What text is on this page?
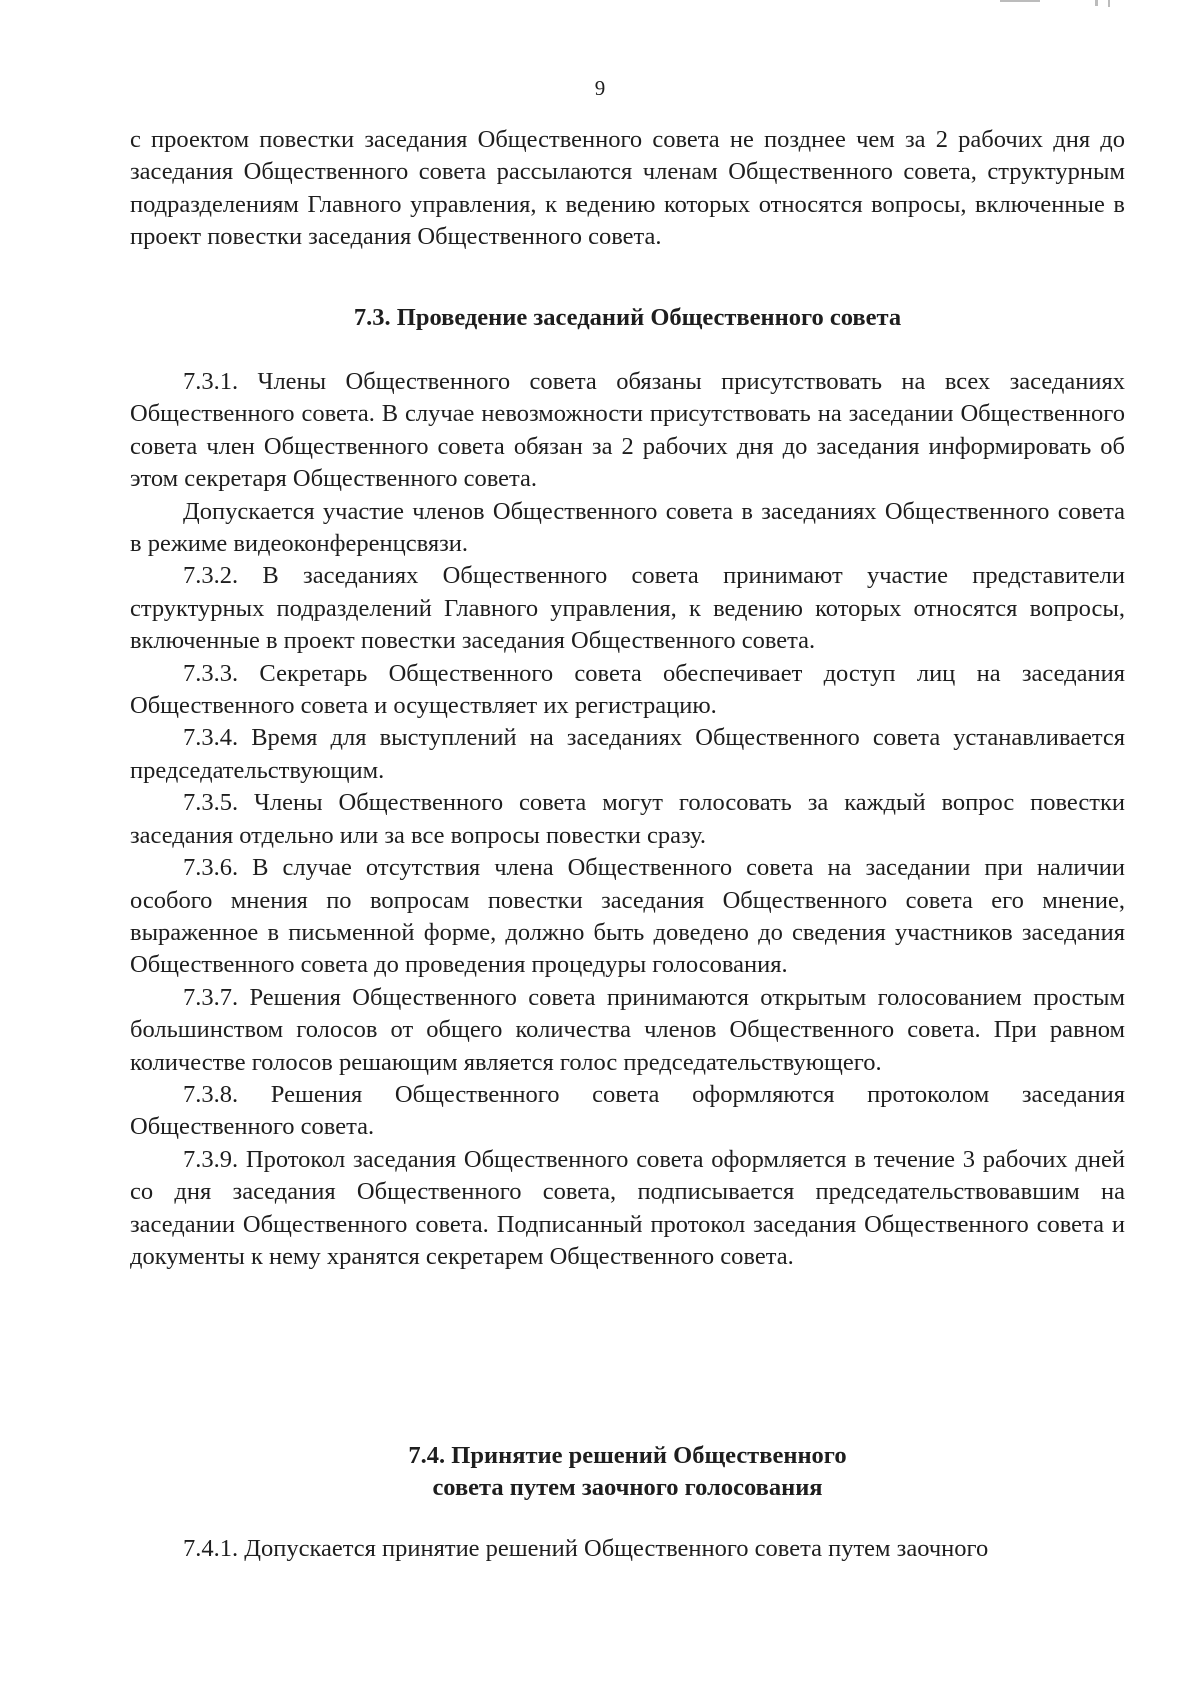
9

с проектом повестки заседания Общественного совета не позднее чем за 2 рабочих дня до заседания Общественного совета рассылаются членам Общественного совета, структурным подразделениям Главного управления, к ведению которых относятся вопросы, включенные в проект повестки заседания Общественного совета.

7.3. Проведение заседаний Общественного совета

7.3.1. Члены Общественного совета обязаны присутствовать на всех заседаниях Общественного совета. В случае невозможности присутствовать на заседании Общественного совета член Общественного совета обязан за 2 рабочих дня до заседания информировать об этом секретаря Общественного совета.

Допускается участие членов Общественного совета в заседаниях Общественного совета в режиме видеоконференцсвязи.

7.3.2. В заседаниях Общественного совета принимают участие представители структурных подразделений Главного управления, к ведению которых относятся вопросы, включенные в проект повестки заседания Общественного совета.

7.3.3. Секретарь Общественного совета обеспечивает доступ лиц на заседания Общественного совета и осуществляет их регистрацию.

7.3.4. Время для выступлений на заседаниях Общественного совета устанавливается председательствующим.

7.3.5. Члены Общественного совета могут голосовать за каждый вопрос повестки заседания отдельно или за все вопросы повестки сразу.

7.3.6. В случае отсутствия члена Общественного совета на заседании при наличии особого мнения по вопросам повестки заседания Общественного совета его мнение, выраженное в письменной форме, должно быть доведено до сведения участников заседания Общественного совета до проведения процедуры голосования.

7.3.7. Решения Общественного совета принимаются открытым голосованием простым большинством голосов от общего количества членов Общественного совета. При равном количестве голосов решающим является голос председательствующего.

7.3.8. Решения Общественного совета оформляются протоколом заседания Общественного совета.

7.3.9. Протокол заседания Общественного совета оформляется в течение 3 рабочих дней со дня заседания Общественного совета, подписывается председательствовавшим на заседании Общественного совета. Подписанный протокол заседания Общественного совета и документы к нему хранятся секретарем Общественного совета.

7.4. Принятие решений Общественного
совета путем заочного голосования

7.4.1. Допускается принятие решений Общественного совета путем заочного
